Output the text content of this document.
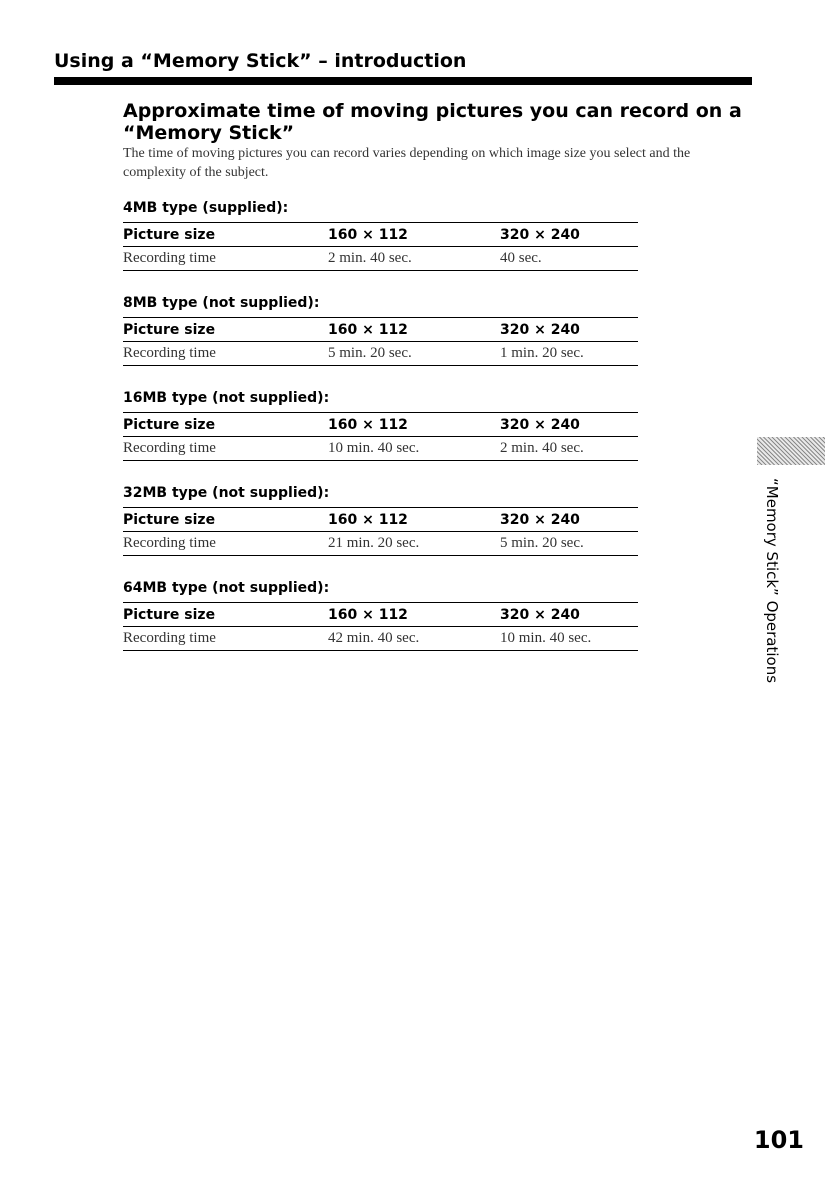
Using a “Memory Stick” – introduction
Approximate time of moving pictures you can record on a “Memory Stick”

The time of moving pictures you can record varies depending on which image size you select and the complexity of the subject.

4MB type (supplied):
Picture size	160 × 112	320 × 240
Recording time	2 min. 40 sec.	40 sec.
8MB type (not supplied):
Picture size	160 × 112	320 × 240
Recording time	5 min. 20 sec.	1 min. 20 sec.
16MB type (not supplied):
Picture size	160 × 112	320 × 240
Recording time	10 min. 40 sec.	2 min. 40 sec.
32MB type (not supplied):
Picture size	160 × 112	320 × 240
Recording time	21 min. 20 sec.	5 min. 20 sec.
64MB type (not supplied):
Picture size	160 × 112	320 × 240
Recording time	42 min. 40 sec.	10 min. 40 sec.	“Memory Stick” Operations
101
